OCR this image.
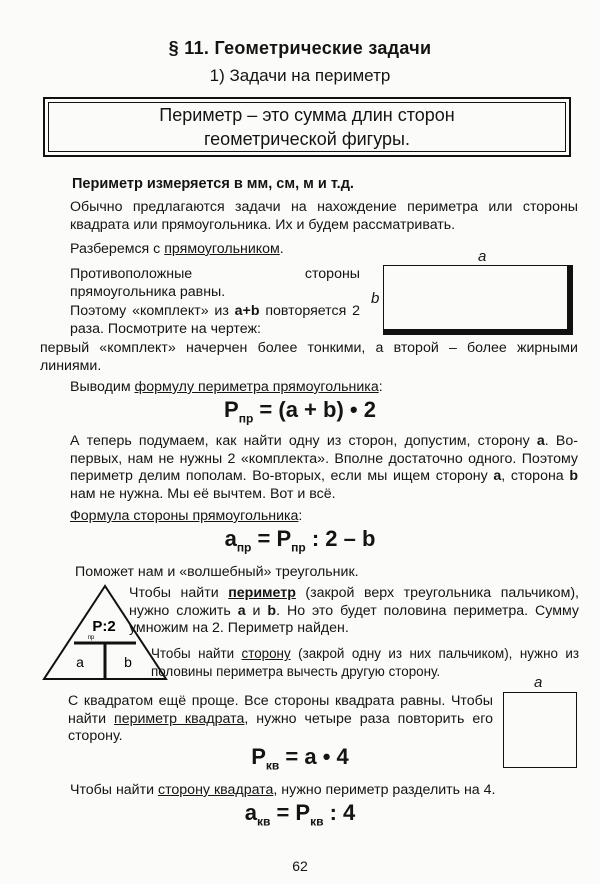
§ 11. Геометрические задачи
1) Задачи на периметр
Периметр – это сумма длин сторон
геометрической фигуры.
Периметр измеряется в мм, см, м и т.д.
Обычно предлагаются задачи на нахождение периметра или стороны квадрата или прямоугольника. Их и будем рассматривать.
Разберемся с прямоугольником.
Противоположные стороны прямоугольника равны.
Поэтому «комплект» из a+b повторяется 2 раза. Посмотрите на чертеж:
первый «комплект» начерчен более тонкими, а второй – более жирными линиями.
a
b
Выводим формулу периметра прямоугольника:
$P_{пр} = (a + b)$ • 2
А теперь подумаем, как найти одну из сторон, допустим, сторону а. Во-первых, нам не нужны 2 «комплекта». Вполне достаточно одного. Поэтому периметр делим пополам. Во-вторых, если мы ищем сторону а, сторона b нам не нужна. Мы её вычтем. Вот и всё.
Формула стороны прямоугольника:
$a_{пр} = P_{пр}$ : 2 – b
Поможет нам и «волшебный» треугольник.
P:2
пр
a	b
Чтобы найти периметр (закрой верх треугольника пальчиком), нужно сложить а и b. Но это будет половина периметра. Сумму умножим на 2. Периметр найден.
Чтобы найти сторону (закрой одну из них пальчиком), нужно из половины периметра вычесть другую сторону.
С квадратом ещё проще. Все стороны квадрата равны. Чтобы найти периметр квадрата, нужно четыре раза повторить его сторону.
a
$P_{кв} = a$ • 4
Чтобы найти сторону квадрата, нужно периметр разделить на 4.
$a_{кв} = P_{кв}$ : 4
62
